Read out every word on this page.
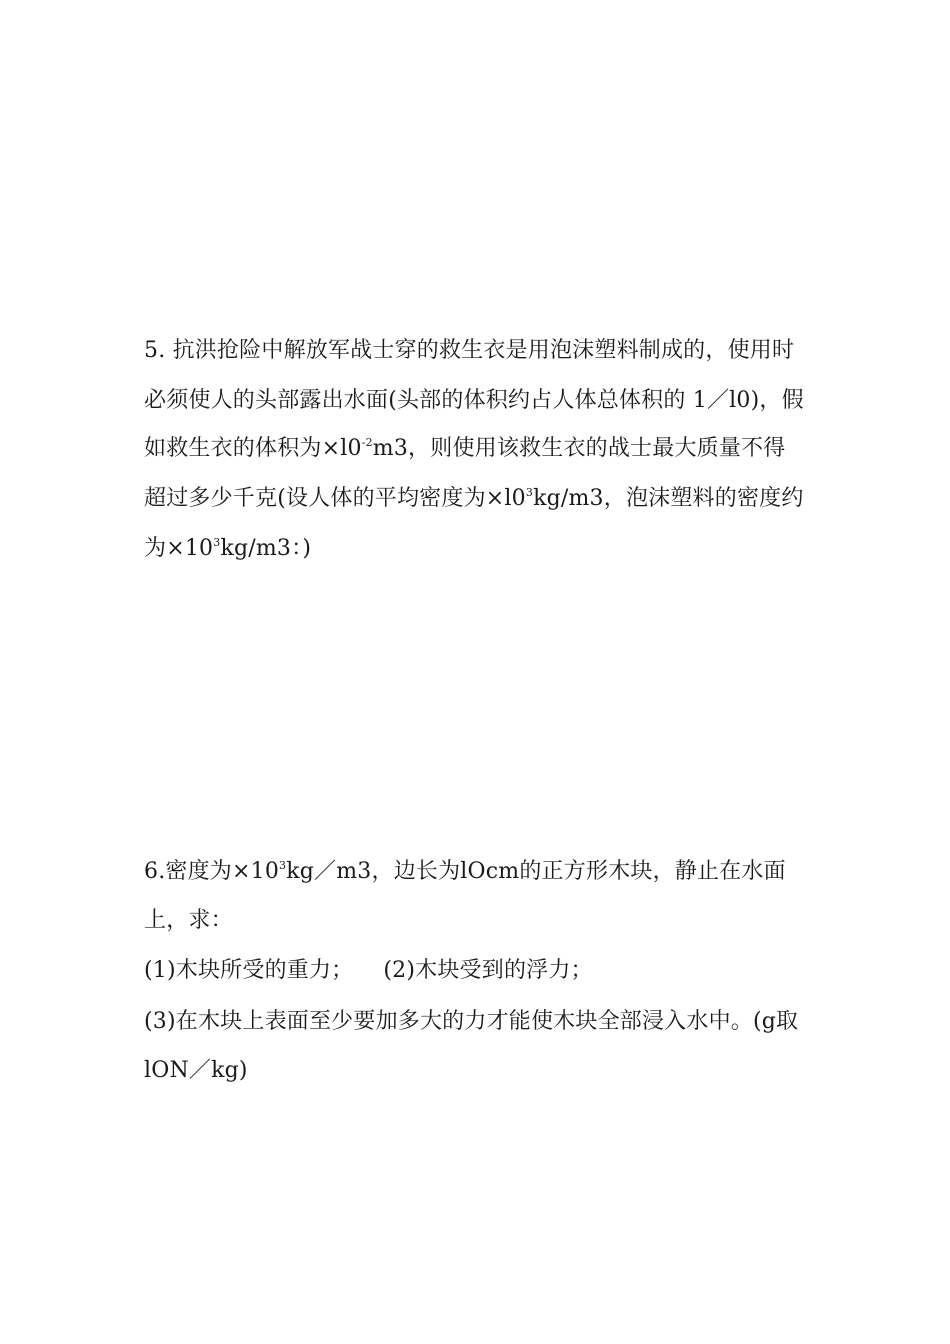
5. 抗洪抢险中解放军战士穿的救生衣是用泡沫塑料制成的，使用时
必须使人的头部露出水面(头部的体积约占人体总体积的 1／l0)，假
如救生衣的体积为$\times l0^{-2}m3$，则使用该救生衣的战士最大质量不得
超过多少千克(设人体的平均密度为$\times l0^3kg/m3$，泡沫塑料的密度约
为$\times 10^3kg/m3$：)
6.密度为$\times 10^3kg/m3$，边长为lOcm的正方形木块，静止在水面
上，求：
(1)木块所受的重力； (2)木块受到的浮力；
(3)在木块上表面至少要加多大的力才能使木块全部浸入水中。(g取
lON／kg)
